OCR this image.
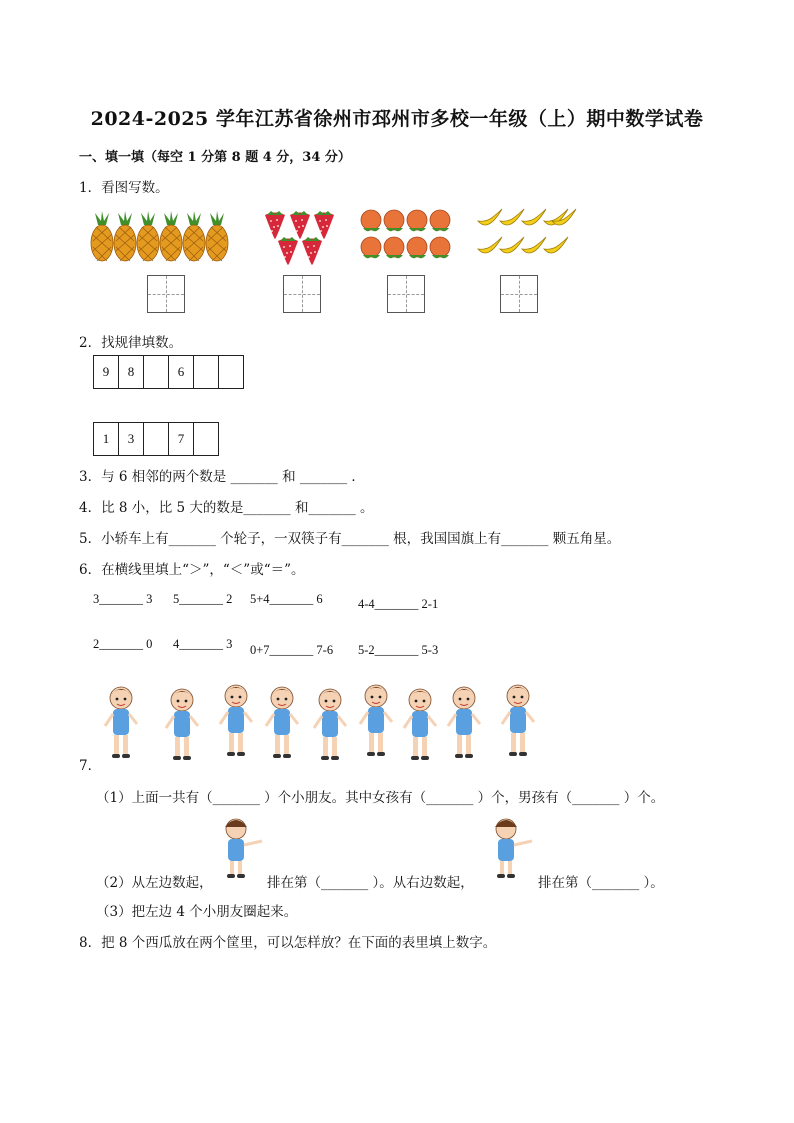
2024-2025 学年江苏省徐州市邳州市多校一年级（上）期中数学试卷
一、填一填（每空 1 分第 8 题 4 分，34 分）
1．看图写数。
2．找规律填数。
9	8		6		
1	3		7	
3．与 6 相邻的两个数是 _______ 和 _______ ．
4．比 8 小，比 5 大的数是_______ 和_______ 。
5．小轿车上有_______ 个轮子，一双筷子有_______ 根，我国国旗上有_______ 颗五角星。
6．在横线里填上“＞”，“＜”或“＝”。
3_______ 3 5_______ 2 5+4_______ 6	4-4_______ 2-1
2_______ 0 4_______ 3 0+7_______ 7-6 5-2_______ 5-3
7．
（1）上面一共有（_______ ）个小朋友。其中女孩有（_______ ）个，男孩有（_______ ）个。
（2）从左边数起，	排在第（_______ ）。从右边数起，	排在第（_______ ）。
（3）把左边 4 个小朋友圈起来。
8．把 8 个西瓜放在两个筐里，可以怎样放？在下面的表里填上数字。
